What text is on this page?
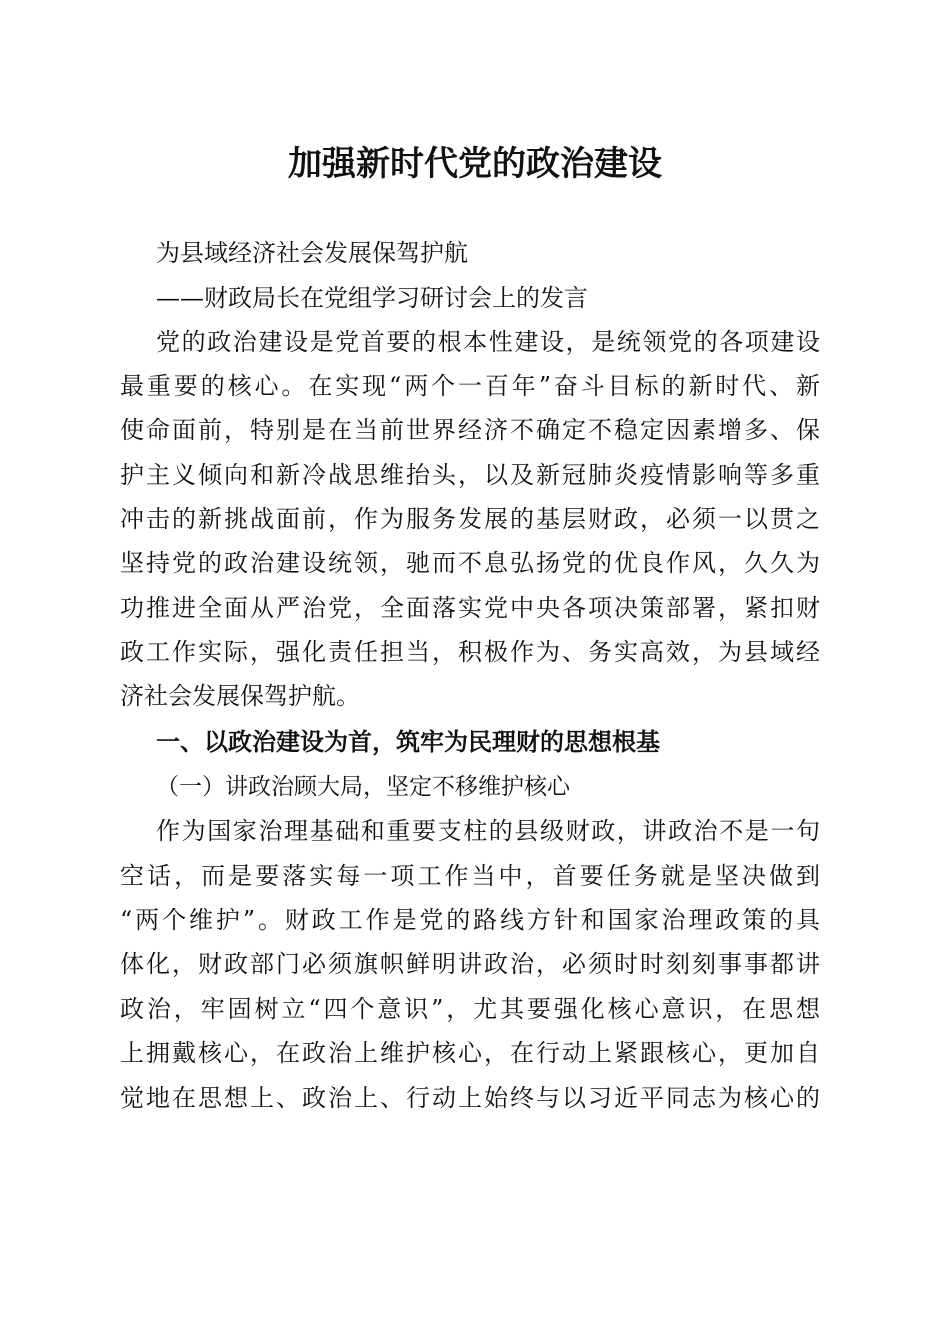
加强新时代党的政治建设
为县域经济社会发展保驾护航
——财政局长在党组学习研讨会上的发言
党的政治建设是党首要的根本性建设，是统领党的各项建设
最重要的核心。在实现“两个一百年”奋斗目标的新时代、新
使命面前，特别是在当前世界经济不确定不稳定因素增多、保
护主义倾向和新冷战思维抬头，以及新冠肺炎疫情影响等多重
冲击的新挑战面前，作为服务发展的基层财政，必须一以贯之
坚持党的政治建设统领，驰而不息弘扬党的优良作风，久久为
功推进全面从严治党，全面落实党中央各项决策部署，紧扣财
政工作实际，强化责任担当，积极作为、务实高效，为县域经
济社会发展保驾护航。
一、以政治建设为首，筑牢为民理财的思想根基
（一）讲政治顾大局，坚定不移维护核心
作为国家治理基础和重要支柱的县级财政，讲政治不是一句
空话，而是要落实每一项工作当中，首要任务就是坚决做到
“两个维护”。财政工作是党的路线方针和国家治理政策的具
体化，财政部门必须旗帜鲜明讲政治，必须时时刻刻事事都讲
政治，牢固树立“四个意识”，尤其要强化核心意识，在思想
上拥戴核心，在政治上维护核心，在行动上紧跟核心，更加自
觉地在思想上、政治上、行动上始终与以习近平同志为核心的
